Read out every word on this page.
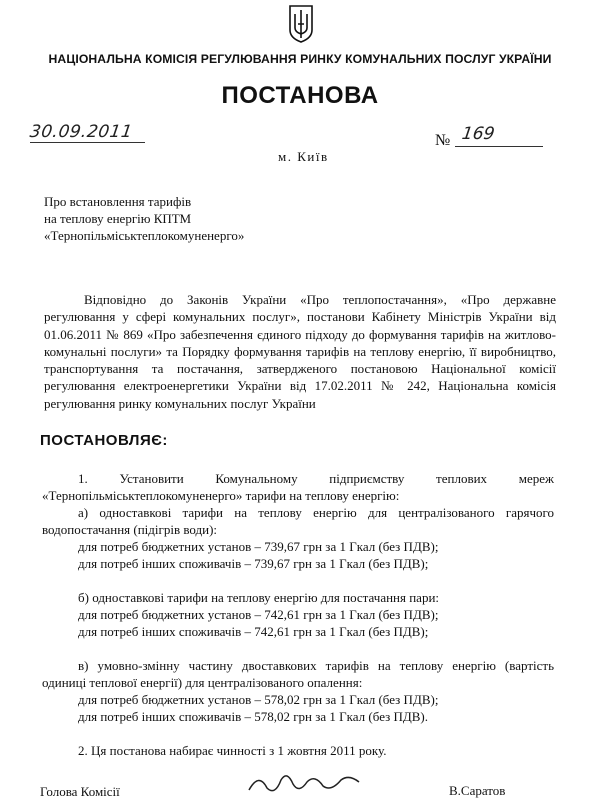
НАЦІОНАЛЬНА КОМІСІЯ РЕГУЛЮВАННЯ РИНКУ КОМУНАЛЬНИХ ПОСЛУГ УКРАЇНИ
ПОСТАНОВА
30.09.2011
м. Київ
№ 169
Про встановлення тарифів
на теплову енергію КПТМ
«Тернопільміськтеплокомуненерго»
Відповідно до Законів України «Про теплопостачання», «Про державне регулювання у сфері комунальних послуг», постанови Кабінету Міністрів України від 01.06.2011 № 869 «Про забезпечення єдиного підходу до формування тарифів на житлово-комунальні послуги» та Порядку формування тарифів на теплову енергію, її виробництво, транспортування та постачання, затвердженого постановою Національної комісії регулювання електроенергетики України від 17.02.2011 № 242, Національна комісія регулювання ринку комунальних послуг України
ПОСТАНОВЛЯЄ:
1. Установити Комунальному підприємству теплових мереж «Тернопільміськтеплокомуненерго» тарифи на теплову енергію:
а) одноставкові тарифи на теплову енергію для централізованого гарячого водопостачання (підігрів води):
для потреб бюджетних установ – 739,67 грн за 1 Гкал (без ПДВ);
для потреб інших споживачів – 739,67 грн за 1 Гкал (без ПДВ);
б) одноставкові тарифи на теплову енергію для постачання пари:
для потреб бюджетних установ – 742,61 грн за 1 Гкал (без ПДВ);
для потреб інших споживачів – 742,61 грн за 1 Гкал (без ПДВ);
в) умовно-змінну частину двоставкових тарифів на теплову енергію (вартість одиниці теплової енергії) для централізованого опалення:
для потреб бюджетних установ – 578,02 грн за 1 Гкал (без ПДВ);
для потреб інших споживачів – 578,02 грн за 1 Гкал (без ПДВ).
2. Ця постанова набирає чинності з 1 жовтня 2011 року.
Голова Комісії	В.Саратов
